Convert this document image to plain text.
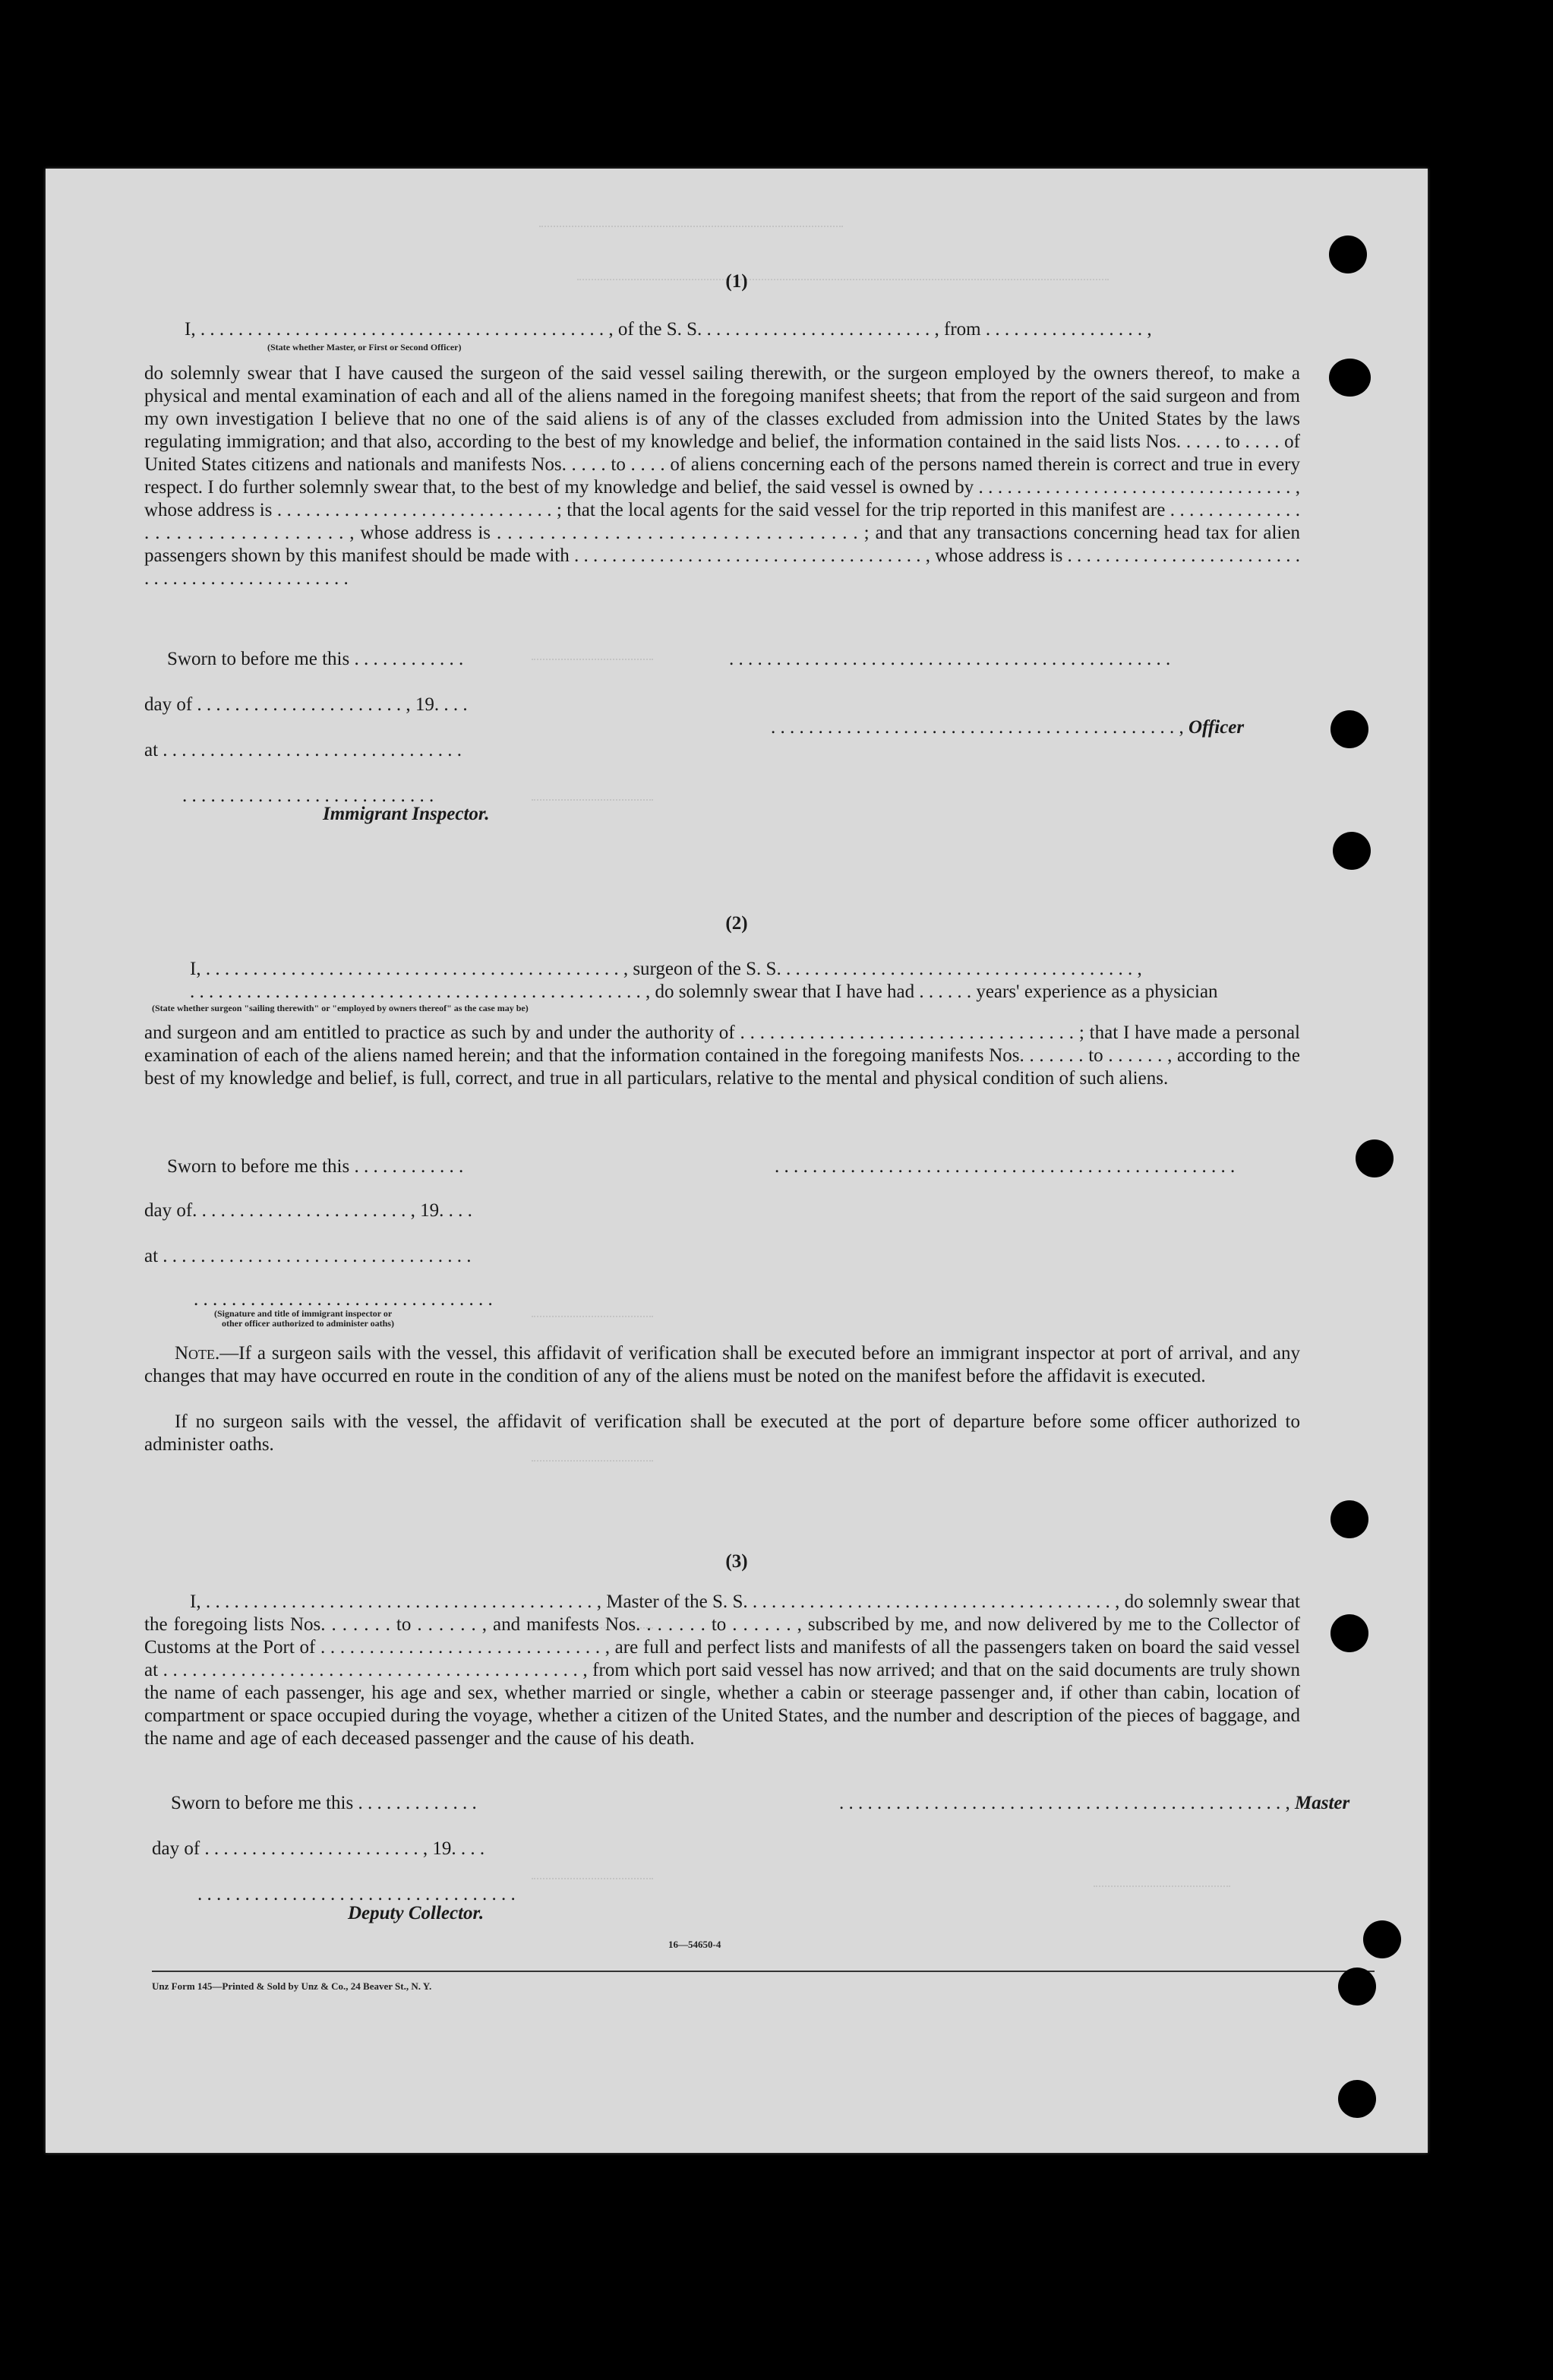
(1)
I, . . . . . . . . . . . . . . . . . . . . . . . . . . . . . . . . . . . . . . . . . . . , of the S. S. . . . . . . . . . . . . . . . . . . . . . . . . , from . . . . . . . . . . . . . . . . . ,
(State whether Master, or First or Second Officer)
do solemnly swear that I have caused the surgeon of the said vessel sailing therewith, or the surgeon employed by the owners thereof, to make a physical and mental examination of each and all of the aliens named in the foregoing manifest sheets; that from the report of the said surgeon and from my own investigation I believe that no one of the said aliens is of any of the classes excluded from admission into the United States by the laws regulating immigration; and that also, according to the best of my knowledge and belief, the information contained in the said lists Nos. . . . . to . . . . of United States citizens and nationals and manifests Nos. . . . . to . . . . of aliens concerning each of the persons named therein is correct and true in every respect. I do further solemnly swear that, to the best of my knowledge and belief, the said vessel is owned by . . . . . . . . . . . . . . . . . . . . . . . . . . . . . . . . . , whose address is . . . . . . . . . . . . . . . . . . . . . . . . . . . . . ; that the local agents for the said vessel for the trip reported in this manifest are . . . . . . . . . . . . . . . . . . . . . . . . . . . . . . . . . , whose address is . . . . . . . . . . . . . . . . . . . . . . . . . . . . . . . . . . ; and that any transactions concerning head tax for alien passengers shown by this manifest should be made with . . . . . . . . . . . . . . . . . . . . . . . . . . . . . . . . . . . . . , whose address is . . . . . . . . . . . . . . . . . . . . . . . . . . . . . . . . . . . . . . . . . . . . . . .
Sworn to before me this . . . . . . . . . . . .	. . . . . . . . . . . . . . . . . . . . . . . . . . . . . . . . . . . . . . . . . . . . . . .
day of . . . . . . . . . . . . . . . . . . . . . . , 19. . . .
at . . . . . . . . . . . . . . . . . . . . . . . . . . . . . . . .
. . . . . . . . . . . . . . . . . . . . . . . . . . . . . . . . . . . . . . . . . . . , Officer
. . . . . . . . . . . . . . . . . . . . . . . . . . .
Immigrant Inspector.
(2)
I, . . . . . . . . . . . . . . . . . . . . . . . . . . . . . . . . . . . . . . . . . . . . , surgeon of the S. S. . . . . . . . . . . . . . . . . . . . . . . . . . . . . . . . . . . . . . ,
. . . . . . . . . . . . . . . . . . . . . . . . . . . . . . . . . . . . . . . . . . . . . . . . , do solemnly swear that I have had . . . . . . years' experience as a physician
(State whether surgeon "sailing therewith" or "employed by owners thereof" as the case may be)
and surgeon and am entitled to practice as such by and under the authority of . . . . . . . . . . . . . . . . . . . . . . . . . . . . . . . . . . ; that I have made a personal examination of each of the aliens named herein; and that the information contained in the foregoing manifests Nos. . . . . . . to . . . . . . , according to the best of my knowledge and belief, is full, correct, and true in all particulars, relative to the mental and physical condition of such aliens.
Sworn to before me this . . . . . . . . . . . .	. . . . . . . . . . . . . . . . . . . . . . . . . . . . . . . . . . . . . . . . . . . . . . . . .
day of. . . . . . . . . . . . . . . . . . . . . . . , 19. . . .
at . . . . . . . . . . . . . . . . . . . . . . . . . . . . . . . . .
. . . . . . . . . . . . . . . . . . . . . . . . . . . . . . . .
(Signature and title of immigrant inspector or
other officer authorized to administer oaths)
Note.—If a surgeon sails with the vessel, this affidavit of verification shall be executed before an immigrant inspector at port of arrival, and any changes that may have occurred en route in the condition of any of the aliens must be noted on the manifest before the affidavit is executed.
If no surgeon sails with the vessel, the affidavit of verification shall be executed at the port of departure before some officer authorized to administer oaths.
(3)
I, . . . . . . . . . . . . . . . . . . . . . . . . . . . . . . . . . . . . . . . . . , Master of the S. S. . . . . . . . . . . . . . . . . . . . . . . . . . . . . . . . . . . . . . . , do solemnly swear that the foregoing lists Nos. . . . . . . to . . . . . . , and manifests Nos. . . . . . . to . . . . . . , subscribed by me, and now delivered by me to the Collector of Customs at the Port of . . . . . . . . . . . . . . . . . . . . . . . . . . . . . , are full and perfect lists and manifests of all the passengers taken on board the said vessel at . . . . . . . . . . . . . . . . . . . . . . . . . . . . . . . . . . . . . . . . . . . , from which port said vessel has now arrived; and that on the said documents are truly shown the name of each passenger, his age and sex, whether married or single, whether a cabin or steerage passenger and, if other than cabin, location of compartment or space occupied during the voyage, whether a citizen of the United States, and the number and description of the pieces of baggage, and the name and age of each deceased passenger and the cause of his death.
Sworn to before me this . . . . . . . . . . . . .	. . . . . . . . . . . . . . . . . . . . . . . . . . . . . . . . . . . . . . . . . . . . . . . , Master
day of . . . . . . . . . . . . . . . . . . . . . . . , 19. . . .
. . . . . . . . . . . . . . . . . . . . . . . . . . . . . . . . . .
Deputy Collector.
16—54650-4
Unz Form 145—Printed & Sold by Unz & Co., 24 Beaver St., N. Y.
